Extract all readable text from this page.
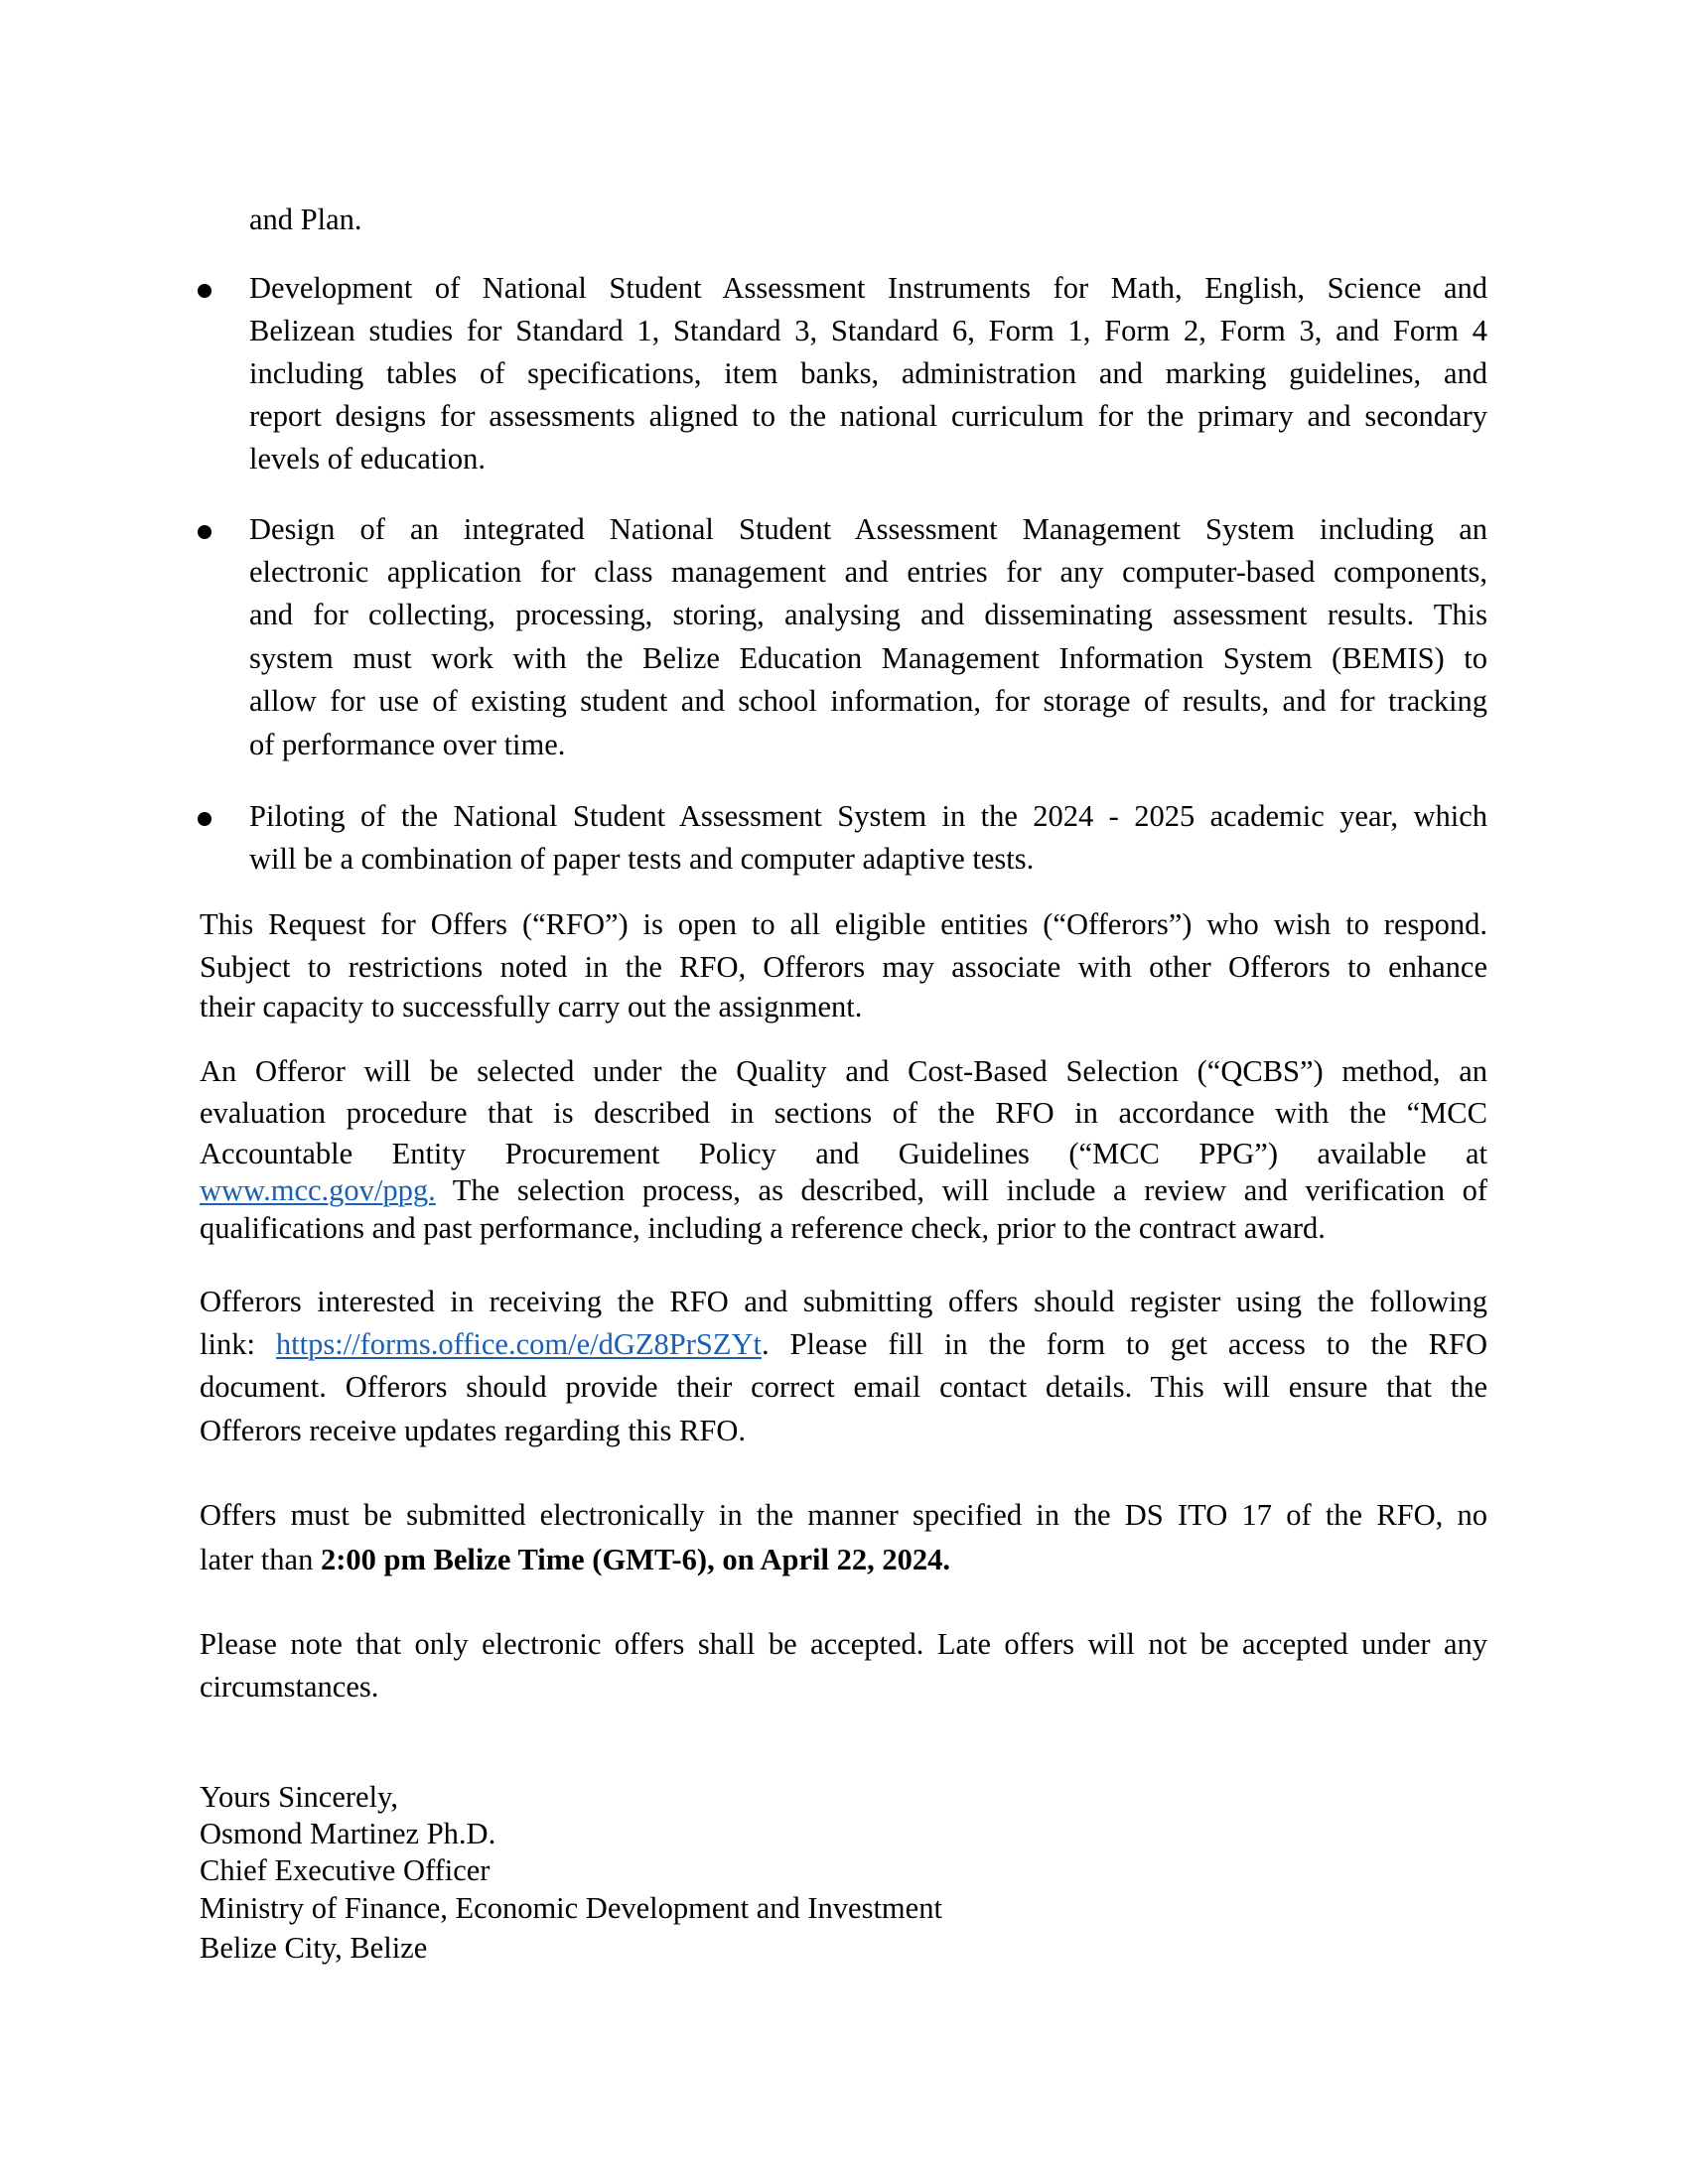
and Plan.
Development of National Student Assessment Instruments for Math, English, Science and
Belizean studies for Standard 1, Standard 3, Standard 6, Form 1, Form 2, Form 3, and Form 4
including tables of specifications, item banks, administration and marking guidelines, and
report designs for assessments aligned to the national curriculum for the primary and secondary
levels of education.
Design of an integrated National Student Assessment Management System including an
electronic application for class management and entries for any computer-based components,
and for collecting, processing, storing, analysing and disseminating assessment results. This
system must work with the Belize Education Management Information System (BEMIS) to
allow for use of existing student and school information, for storage of results, and for tracking
of performance over time.
Piloting of the National Student Assessment System in the 2024 - 2025 academic year, which
will be a combination of paper tests and computer adaptive tests.
This Request for Offers (“RFO”) is open to all eligible entities (“Offerors”) who wish to respond.
Subject to restrictions noted in the RFO, Offerors may associate with other Offerors to enhance
their capacity to successfully carry out the assignment.
An Offeror will be selected under the Quality and Cost-Based Selection (“QCBS”) method, an
evaluation procedure that is described in sections of the RFO in accordance with the “MCC
Accountable Entity Procurement Policy and Guidelines (“MCC PPG”) available at
www.mcc.gov/ppg. The selection process, as described, will include a review and verification of
qualifications and past performance, including a reference check, prior to the contract award.
Offerors interested in receiving the RFO and submitting offers should register using the following
link: https://forms.office.com/e/dGZ8PrSZYt. Please fill in the form to get access to the RFO
document. Offerors should provide their correct email contact details. This will ensure that the
Offerors receive updates regarding this RFO.
Offers must be submitted electronically in the manner specified in the DS ITO 17 of the RFO, no
later than 2:00 pm Belize Time (GMT-6), on April 22, 2024.
Please note that only electronic offers shall be accepted. Late offers will not be accepted under any
circumstances.
Yours Sincerely,
Osmond Martinez Ph.D.
Chief Executive Officer
Ministry of Finance, Economic Development and Investment
Belize City, Belize
